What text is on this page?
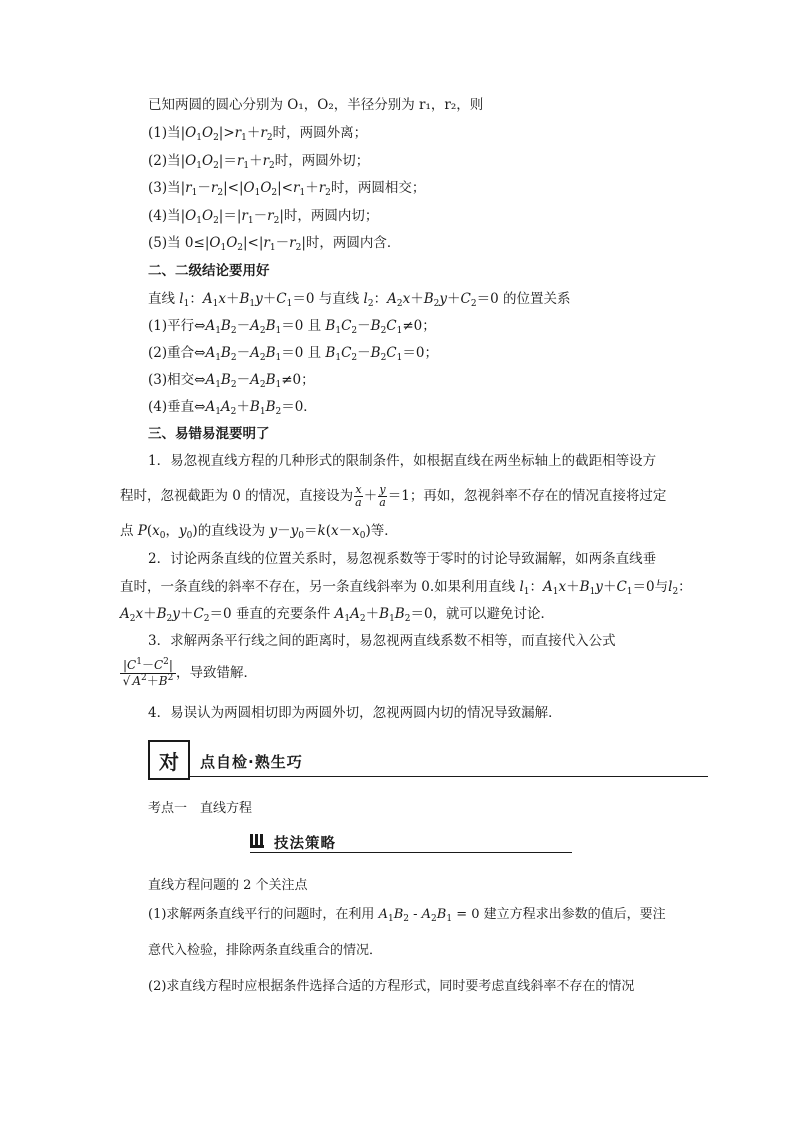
已知两圆的圆心分别为 O₁，O₂，半径分别为 r₁，r₂，则
(1)当$|O_1O_2|>r_1+r_2$时，两圆外离；
(2)当$|O_1O_2|=r_1+r_2$时，两圆外切；
(3)当$|r_1-r_2|<|O_1O_2|<r_1+r_2$时，两圆相交；
(4)当$|O_1O_2|=|r_1-r_2|$时，两圆内切；
(5)当 $0\le|O_1O_2|<|r_1-r_2|$时，两圆内含．
二、二级结论要用好
直线 $l_1$：$A_1x+B_1y+C_1=0$ 与直线 $l_2$：$A_2x+B_2y+C_2=0$ 的位置关系
(1)平行$\Leftrightarrow A_1B_2-A_2B_1=0$ 且 $B_1C_2-B_2C_1\ne 0$；
(2)重合$\Leftrightarrow A_1B_2-A_2B_1=0$ 且 $B_1C_2-B_2C_1=0$；
(3)相交$\Leftrightarrow A_1B_2-A_2B_1\ne 0$；
(4)垂直$\Leftrightarrow A_1A_2+B_1B_2=0$．
三、易错易混要明了
1．易忽视直线方程的几种形式的限制条件，如根据直线在两坐标轴上的截距相等设方
程时，忽视截距为 0 的情况，直接设为 $\frac{x}{a} + \frac{y}{a} =1$；再如，忽视斜率不存在的情况直接将过定
点 $P(x_0$，$y_0$)的直线设为 $y-y_0=k(x-x_0)$等．
2．讨论两条直线的位置关系时，易忽视系数等于零时的讨论导致漏解，如两条直线垂
直时，一条直线的斜率不存在，另一条直线斜率为 0.如果利用直线 $l_1$：$A_1x+B_1y+C_1=0$与$l_2$：
$A_2x+B_2y+C_2=0$ 垂直的充要条件 $A_1A_2+B_1B_2=0$，就可以避免讨论．
3．求解两条平行线之间的距离时，易忽视两直线系数不相等，而直接代入公式
$\frac{|C^1-C^2|}{√ A^2+B^2}$ ，导致错解．
4．易误认为两圆相切即为两圆外切，忽视两圆内切的情况导致漏解．
对	点自检·熟生巧
考点一　直线方程
技法策略
直线方程问题的 2 个关注点
(1)求解两条直线平行的问题时，在利用 $A_1B_2 - A_2B_1 = 0$ 建立方程求出参数的值后，要注
意代入检验，排除两条直线重合的情况．
(2)求直线方程时应根据条件选择合适的方程形式，同时要考虑直线斜率不存在的情况
